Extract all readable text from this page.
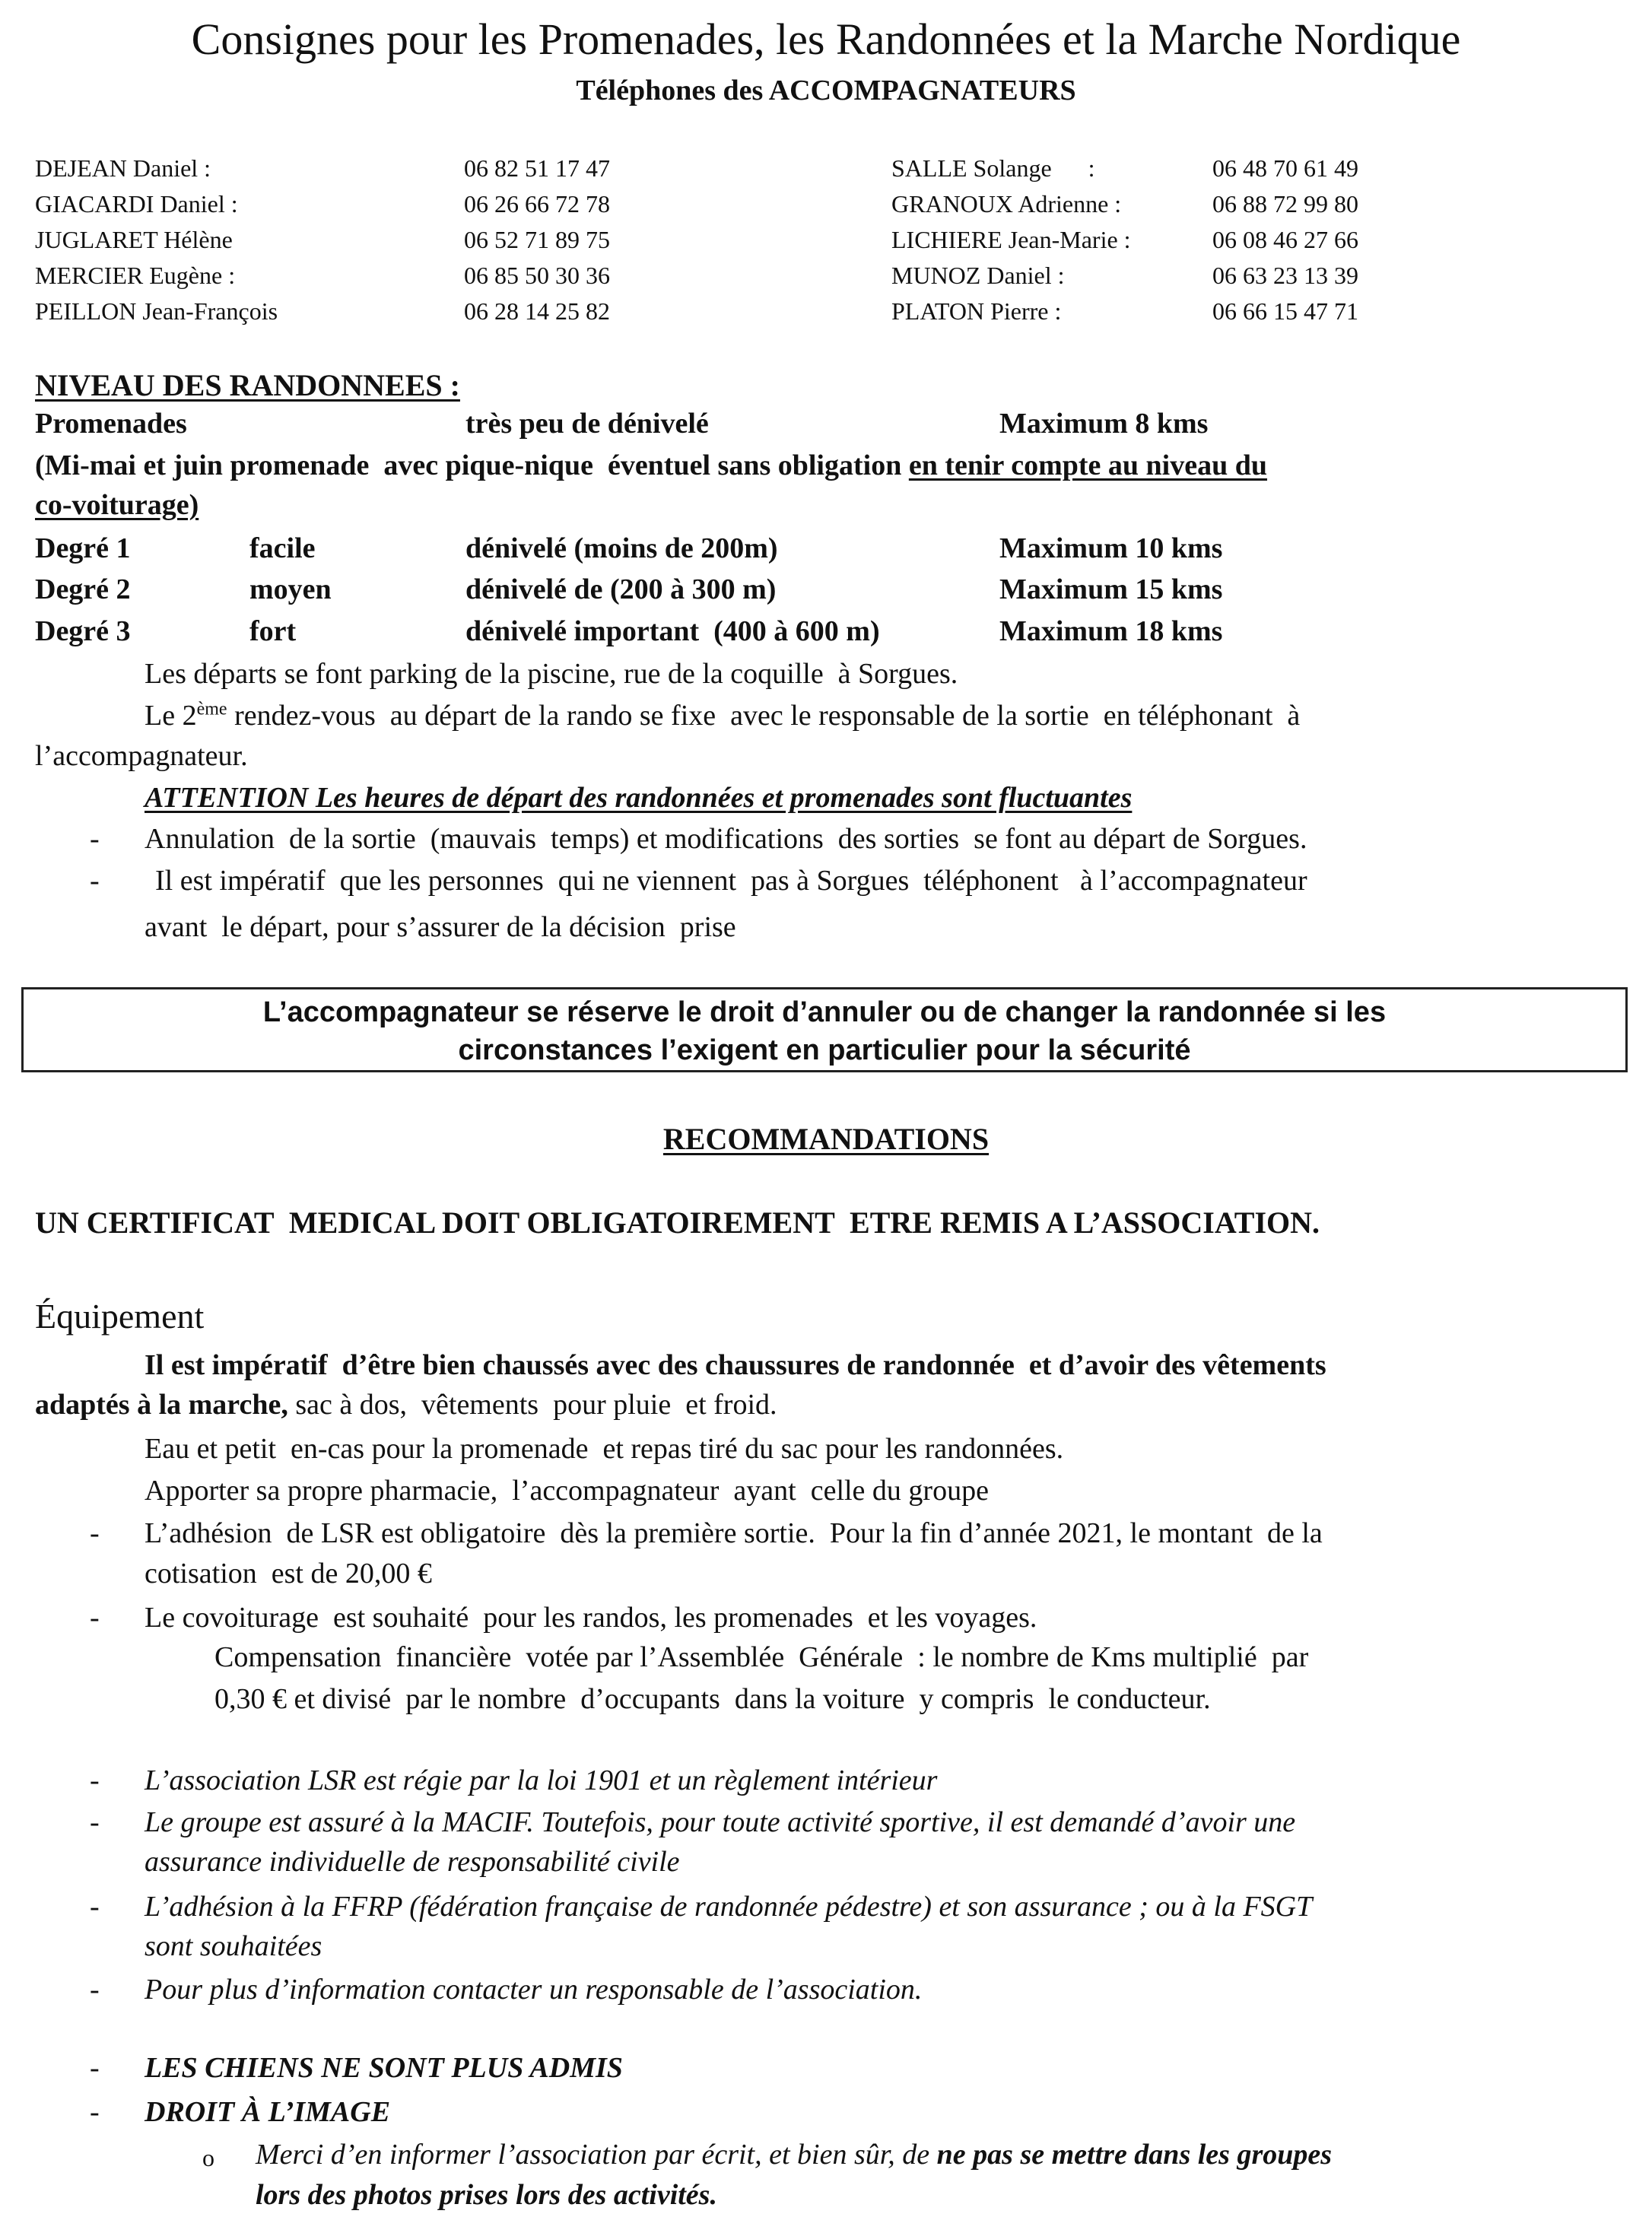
Consignes pour les Promenades, les Randonnées et la Marche Nordique
Téléphones des ACCOMPAGNATEURS
DEJEAN Daniel :	06 82 51 17 47
GIACARDI Daniel :	06 26 66 72 78
JUGLARET Hélène	06 52 71 89 75
MERCIER Eugène :	06 85 50 30 36
PEILLON Jean-François	06 28 14 25 82
SALLE Solange      :	06 48 70 61 49
GRANOUX Adrienne :	06 88 72 99 80
LICHIERE Jean-Marie :	06 08 46 27 66
MUNOZ Daniel :	06 63 23 13 39
PLATON Pierre :	06 66 15 47 71
NIVEAU DES RANDONNEES :
Promenades	très peu de dénivelé	Maximum 8 kms
(Mi-mai et juin promenade  avec pique-nique  éventuel sans obligation en tenir compte au niveau du
co-voiturage)
Degré 1	facile	dénivelé (moins de 200m)	Maximum 10 kms
Degré 2	moyen	dénivelé de (200 à 300 m)	Maximum 15 kms
Degré 3	fort	dénivelé important  (400 à 600 m)	Maximum 18 kms
Les départs se font parking de la piscine, rue de la coquille  à Sorgues.
Le 2ème rendez-vous  au départ de la rando se fixe  avec le responsable de la sortie  en téléphonant  à
l’accompagnateur.
ATTENTION Les heures de départ des randonnées et promenades sont fluctuantes
- Annulation  de la sortie  (mauvais  temps) et modifications  des sorties  se font au départ de Sorgues.
- Il est impératif  que les personnes  qui ne viennent  pas à Sorgues  téléphonent   à l’accompagnateur
avant  le départ, pour s’assurer de la décision  prise
L’accompagnateur se réserve le droit d’annuler ou de changer la randonnée si les
circonstances l’exigent en particulier pour la sécurité
RECOMMANDATIONS
UN CERTIFICAT  MEDICAL DOIT OBLIGATOIREMENT  ETRE REMIS A L’ASSOCIATION.
Équipement
Il est impératif  d’être bien chaussés avec des chaussures de randonnée  et d’avoir des vêtements
adaptés à la marche, sac à dos,  vêtements  pour pluie  et froid.
Eau et petit  en-cas pour la promenade  et repas tiré du sac pour les randonnées.
Apporter sa propre pharmacie,  l’accompagnateur  ayant  celle du groupe
- L’adhésion  de LSR est obligatoire  dès la première sortie.  Pour la fin d’année 2021, le montant  de la
cotisation  est de 20,00 €
- Le covoiturage  est souhaité  pour les randos, les promenades  et les voyages.
Compensation  financière  votée par l’Assemblée  Générale  : le nombre de Kms multiplié  par
0,30 € et divisé  par le nombre  d’occupants  dans la voiture  y compris  le conducteur.
- L’association LSR est régie par la loi 1901 et un règlement intérieur
- Le groupe est assuré à la MACIF. Toutefois, pour toute activité sportive, il est demandé d’avoir une
assurance individuelle de responsabilité civile
- L’adhésion à la FFRP (fédération française de randonnée pédestre) et son assurance ; ou à la FSGT
sont souhaitées
- Pour plus d’information contacter un responsable de l’association.
- LES CHIENS NE SONT PLUS ADMIS
- DROIT À L’IMAGE
o Merci d’en informer l’association par écrit, et bien sûr, de ne pas se mettre dans les groupes
lors des photos prises lors des activités.
